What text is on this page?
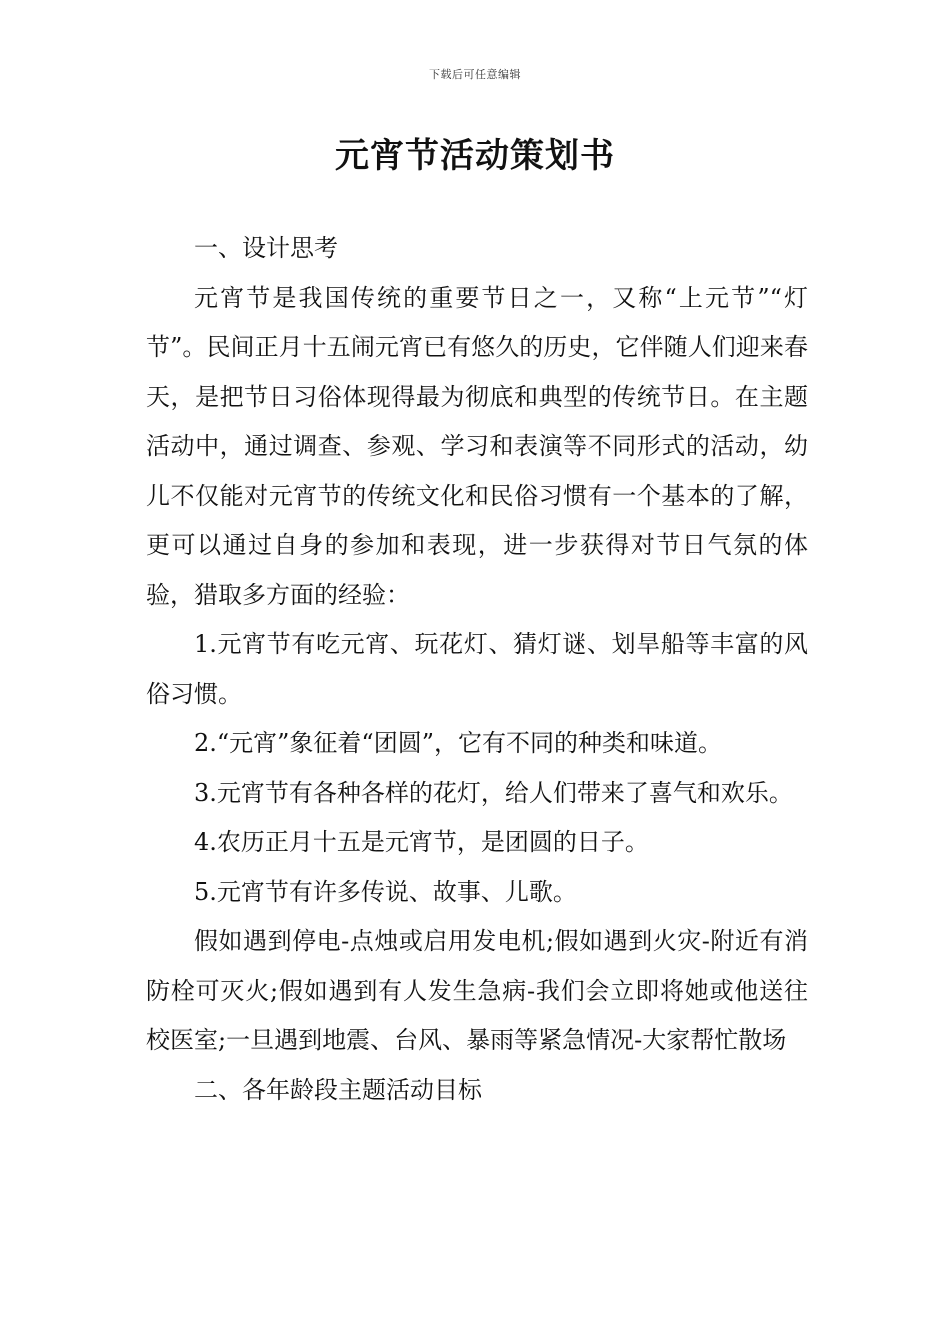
下载后可任意编辑
元宵节活动策划书

一、设计思考

元宵节是我国传统的重要节日之一，又称“上元节”“灯节”。民间正月十五闹元宵已有悠久的历史，它伴随人们迎来春天，是把节日习俗体现得最为彻底和典型的传统节日。在主题活动中，通过调查、参观、学习和表演等不同形式的活动，幼儿不仅能对元宵节的传统文化和民俗习惯有一个基本的了解，更可以通过自身的参加和表现，进一步获得对节日气氛的体验，猎取多方面的经验：

1.元宵节有吃元宵、玩花灯、猜灯谜、划旱船等丰富的风俗习惯。

2.“元宵”象征着“团圆”，它有不同的种类和味道。

3.元宵节有各种各样的花灯，给人们带来了喜气和欢乐。

4.农历正月十五是元宵节，是团圆的日子。

5.元宵节有许多传说、故事、儿歌。

假如遇到停电-点烛或启用发电机;假如遇到火灾-附近有消防栓可灭火;假如遇到有人发生急病-我们会立即将她或他送往校医室;一旦遇到地震、台风、暴雨等紧急情况-大家帮忙散场

二、各年龄段主题活动目标
